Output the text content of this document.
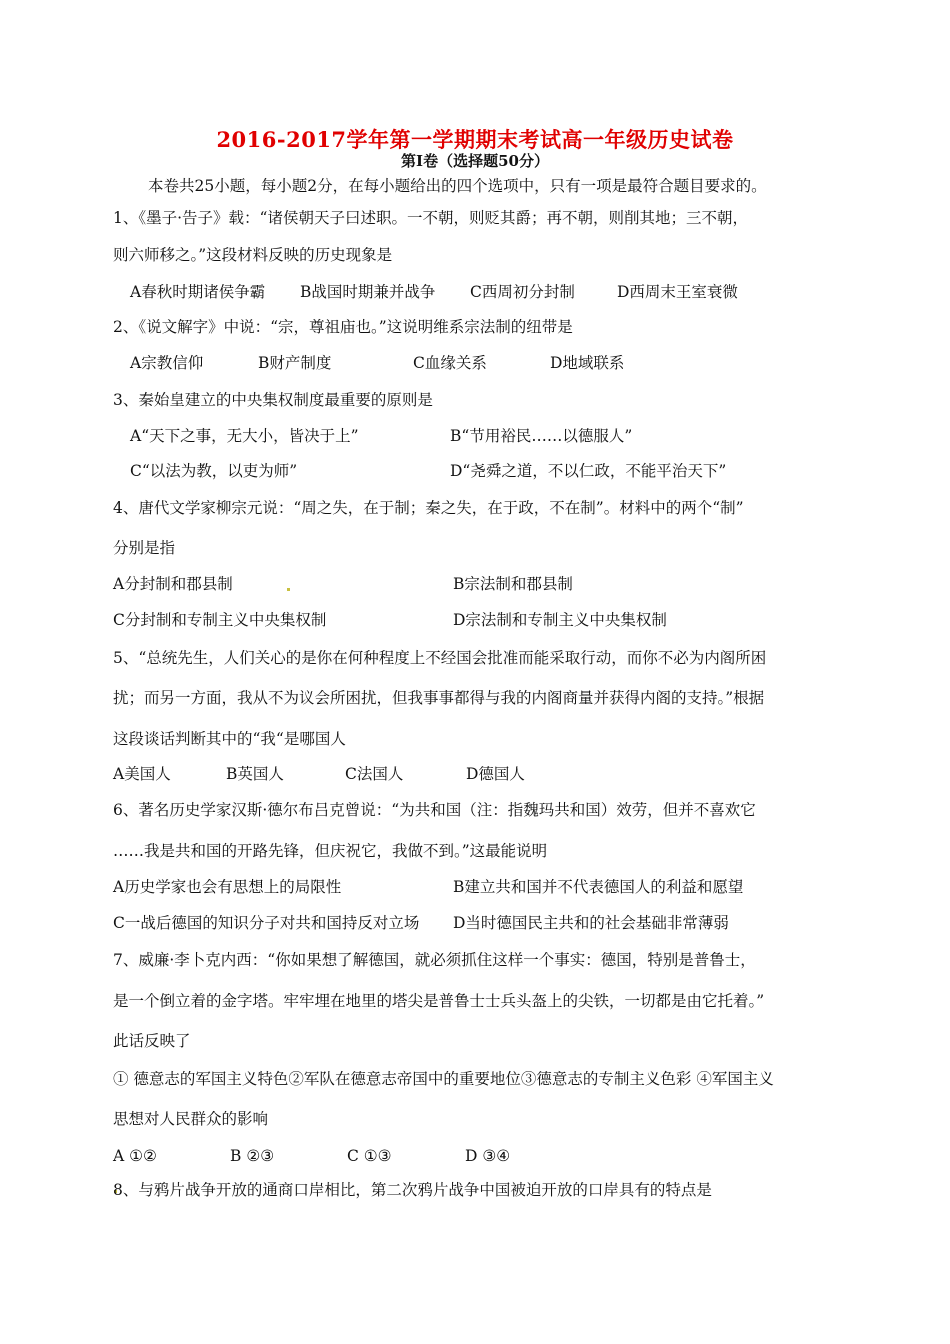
2016-2017学年第一学期期末考试高一年级历史试卷
第Ⅰ卷（选择题50分）
本卷共25小题，每小题2分，在每小题给出的四个选项中，只有一项是最符合题目要求的。
1、《墨子·告子》载：“诸侯朝天子曰述职。一不朝，则贬其爵；再不朝，则削其地；三不朝，
则六师移之。”这段材料反映的历史现象是
A春秋时期诸侯争霸 B战国时期兼并战争 C西周初分封制	D西周末王室衰微
2、《说文解字》中说：“宗，尊祖庙也。”这说明维系宗法制的纽带是
A宗教信仰	B财产制度	C血缘关系	D地域联系
3、秦始皇建立的中央集权制度最重要的原则是
A“天下之事，无大小，皆决于上”	B“节用裕民……以德服人”
C“以法为教，以吏为师”	D“尧舜之道，不以仁政，不能平治天下”
4、唐代文学家柳宗元说：“周之失，在于制；秦之失，在于政，不在制”。材料中的两个“制”
分别是指
A分封制和郡县制	B宗法制和郡县制
C分封制和专制主义中央集权制	D宗法制和专制主义中央集权制
5、“总统先生，人们关心的是你在何种程度上不经国会批准而能采取行动，而你不必为内阁所困
扰；而另一方面，我从不为议会所困扰，但我事事都得与我的内阁商量并获得内阁的支持。”根据
这段谈话判断其中的“我“是哪国人
A美国人	B英国人	C法国人	D德国人
6、著名历史学家汉斯·德尔布吕克曾说：“为共和国（注：指魏玛共和国）效劳，但并不喜欢它
……我是共和国的开路先锋，但庆祝它，我做不到。”这最能说明
A历史学家也会有思想上的局限性	B建立共和国并不代表德国人的利益和愿望
C一战后德国的知识分子对共和国持反对立场 D当时德国民主共和的社会基础非常薄弱
7、威廉·李卜克内西：“你如果想了解德国，就必须抓住这样一个事实：德国，特别是普鲁士，
是一个倒立着的金字塔。牢牢埋在地里的塔尖是普鲁士士兵头盔上的尖铁，一切都是由它托着。”
此话反映了
① 德意志的军国主义特色②军队在德意志帝国中的重要地位③德意志的专制主义色彩 ④军国主义
思想对人民群众的影响
A ①②	B ②③	C ①③	D ③④
8、与鸦片战争开放的通商口岸相比，第二次鸦片战争中国被迫开放的口岸具有的特点是
